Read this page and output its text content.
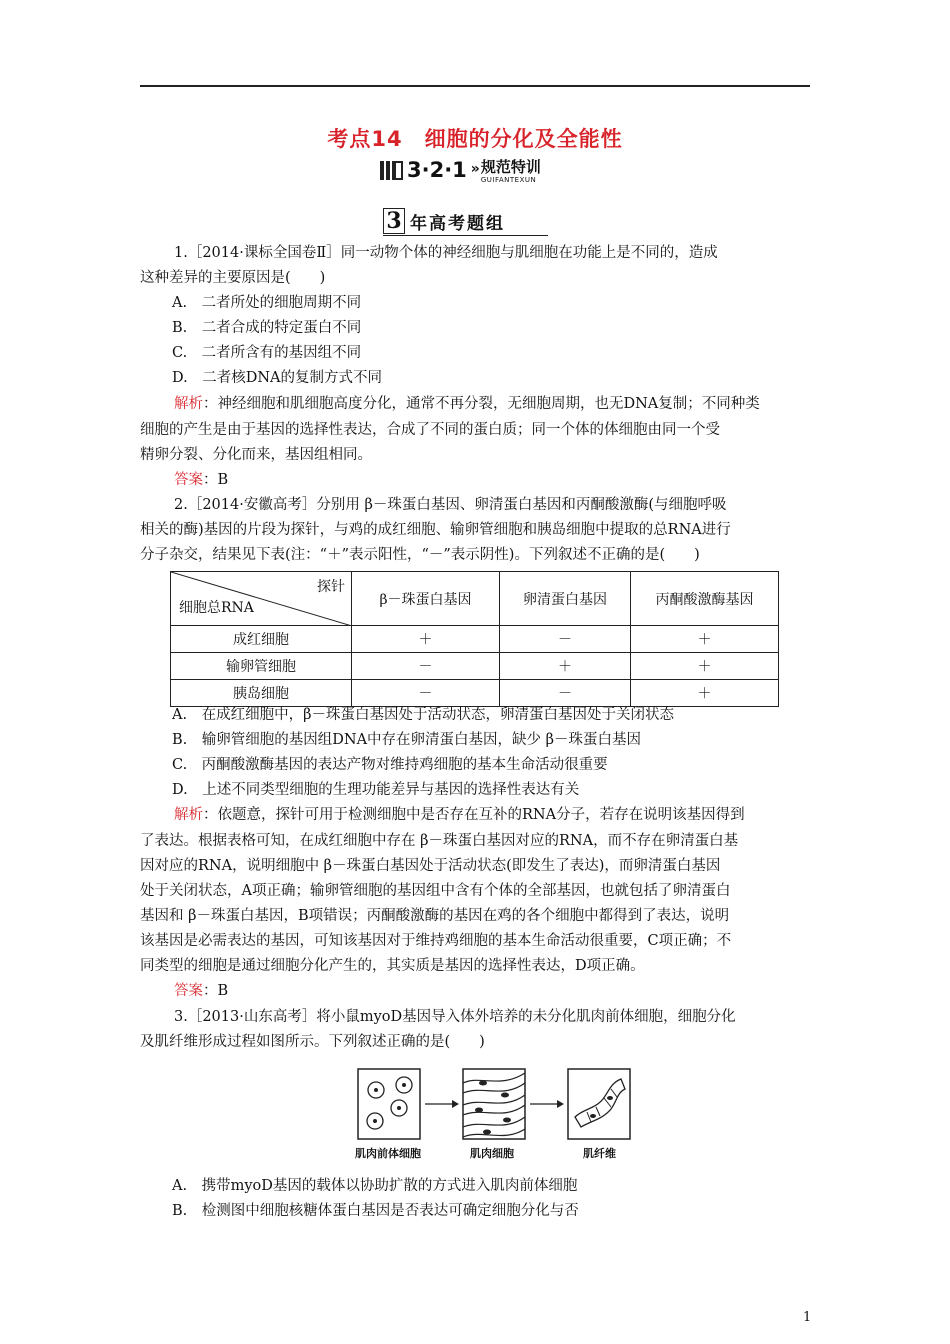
考点14　细胞的分化及全能性
3·2·1 » 规范特训
GUIFANTEXUN
3 年高考题组
1.［2014·课标全国卷Ⅱ］同一动物个体的神经细胞与肌细胞在功能上是不同的，造成
这种差异的主要原因是(　　)
A.　二者所处的细胞周期不同
B.　二者合成的特定蛋白不同
C.　二者所含有的基因组不同
D.　二者核DNA的复制方式不同
解析：神经细胞和肌细胞高度分化，通常不再分裂，无细胞周期，也无DNA复制；不同种类
细胞的产生是由于基因的选择性表达，合成了不同的蛋白质；同一个体的体细胞由同一个受
精卵分裂、分化而来，基因组相同。
答案：B
2.［2014·安徽高考］分别用 β－珠蛋白基因、卵清蛋白基因和丙酮酸激酶(与细胞呼吸
相关的酶)基因的片段为探针，与鸡的成红细胞、输卵管细胞和胰岛细胞中提取的总RNA进行
分子杂交，结果见下表(注：“＋”表示阳性，“－”表示阴性)。下列叙述不正确的是(　　)
探针
细胞总RNA	β－珠蛋白基因	卵清蛋白基因	丙酮酸激酶基因
成红细胞	＋	－	＋
输卵管细胞	－	＋	＋
胰岛细胞	－	－	＋
A.　在成红细胞中，β－珠蛋白基因处于活动状态，卵清蛋白基因处于关闭状态
B.　输卵管细胞的基因组DNA中存在卵清蛋白基因，缺少 β－珠蛋白基因
C.　丙酮酸激酶基因的表达产物对维持鸡细胞的基本生命活动很重要
D.　上述不同类型细胞的生理功能差异与基因的选择性表达有关
解析：依题意，探针可用于检测细胞中是否存在互补的RNA分子，若存在说明该基因得到
了表达。根据表格可知，在成红细胞中存在 β－珠蛋白基因对应的RNA，而不存在卵清蛋白基
因对应的RNA，说明细胞中 β－珠蛋白基因处于活动状态(即发生了表达)，而卵清蛋白基因
处于关闭状态，A项正确；输卵管细胞的基因组中含有个体的全部基因，也就包括了卵清蛋白
基因和 β－珠蛋白基因，B项错误；丙酮酸激酶的基因在鸡的各个细胞中都得到了表达，说明
该基因是必需表达的基因，可知该基因对于维持鸡细胞的基本生命活动很重要，C项正确；不
同类型的细胞是通过细胞分化产生的，其实质是基因的选择性表达，D项正确。
答案：B
3.［2013·山东高考］将小鼠myoD基因导入体外培养的未分化肌肉前体细胞，细胞分化
及肌纤维形成过程如图所示。下列叙述正确的是(　　)
肌肉前体细胞	肌肉细胞	肌纤维
A.　携带myoD基因的载体以协助扩散的方式进入肌肉前体细胞
B.　检测图中细胞核糖体蛋白基因是否表达可确定细胞分化与否
1
